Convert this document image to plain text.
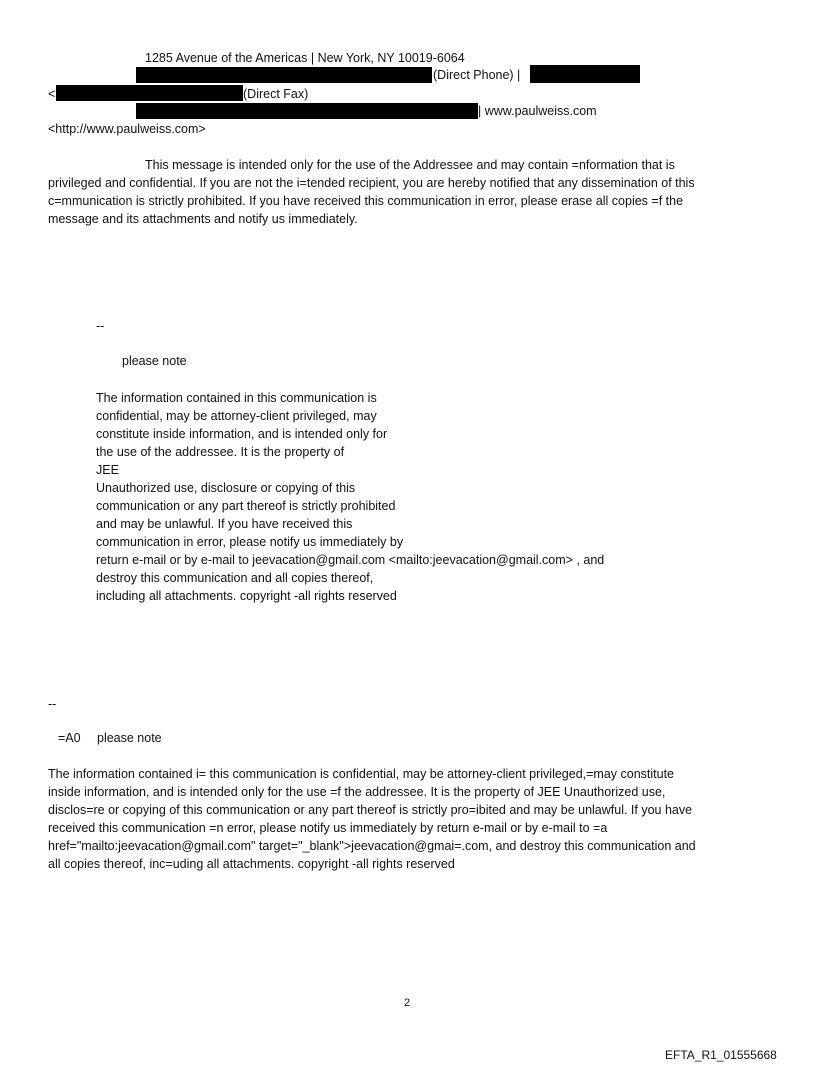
1285 Avenue of the Americas | New York, NY 10019-6064
(Direct Phone) |
<	(Direct Fax)
| www.paulweiss.com
<http://www.paulweiss.com>
This message is intended only for the use of the Addressee and may contain =nformation that is
privileged and confidential. If you are not the i=tended recipient, you are hereby notified that any dissemination of this
c=mmunication is strictly prohibited. If you have received this communication in error, please erase all copies =f the
message and its attachments and notify us immediately.
--
please note
The information contained in this communication is
confidential, may be attorney-client privileged, may
constitute inside information, and is intended only for
the use of the addressee. It is the property of
JEE
Unauthorized use, disclosure or copying of this
communication or any part thereof is strictly prohibited
and may be unlawful. If you have received this
communication in error, please notify us immediately by
return e-mail or by e-mail to jeevacation@gmail.com <mailto:jeevacation@gmail.com> , and
destroy this communication and all copies thereof,
including all attachments. copyright -all rights reserved
--
=A0 please note
The information contained i= this communication is confidential, may be attorney-client privileged,=may constitute
inside information, and is intended only for the use =f the addressee. It is the property of JEE Unauthorized use,
disclos=re or copying of this communication or any part thereof is strictly pro=ibited and may be unlawful. If you have
received this communication =n error, please notify us immediately by return e-mail or by e-mail to =a
href="mailto:jeevacation@gmail.com" target="_blank">jeevacation@gmai=.com, and destroy this communication and
all copies thereof, inc=uding all attachments. copyright -all rights reserved
2
EFTA_R1_01555668
